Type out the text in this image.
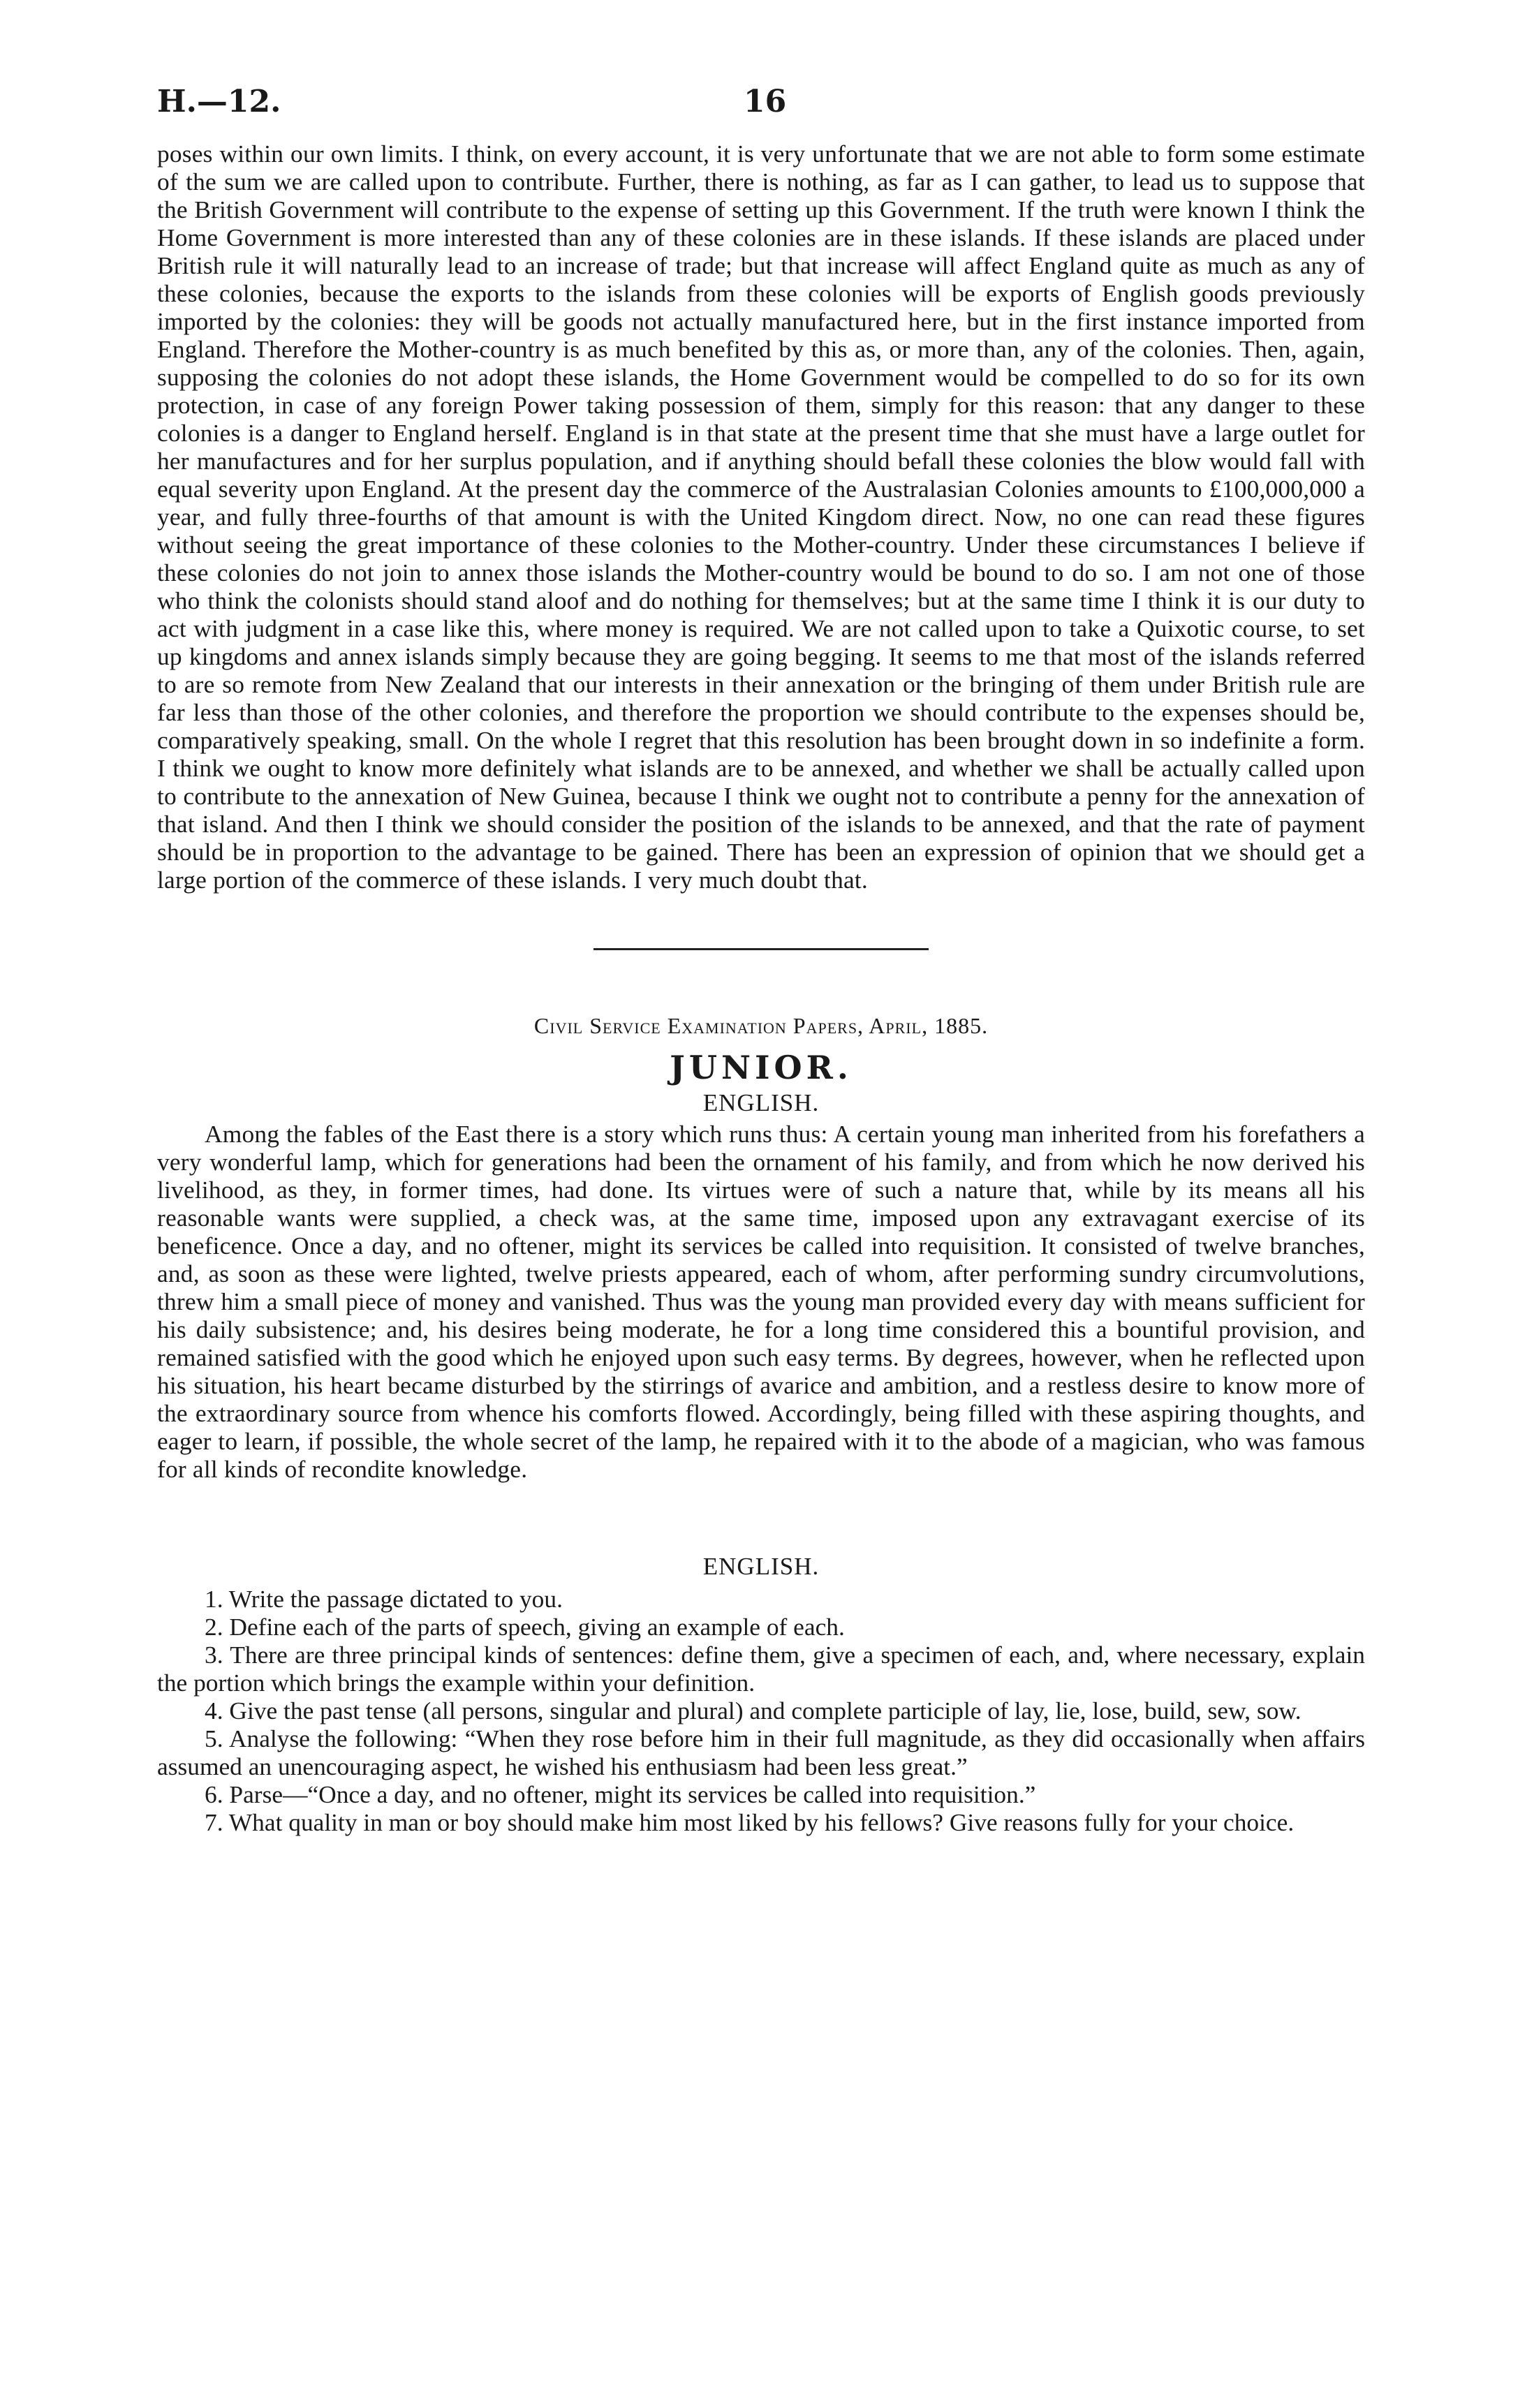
H.—12.	16

poses within our own limits. I think, on every account, it is very unfortunate that we are not able to form some estimate of the sum we are called upon to contribute. Further, there is nothing, as far as I can gather, to lead us to suppose that the British Government will contribute to the expense of setting up this Government. If the truth were known I think the Home Government is more interested than any of these colonies are in these islands. If these islands are placed under British rule it will naturally lead to an increase of trade; but that increase will affect England quite as much as any of these colonies, because the exports to the islands from these colonies will be exports of English goods previously imported by the colonies: they will be goods not actually manufactured here, but in the first instance imported from England. Therefore the Mother-country is as much benefited by this as, or more than, any of the colonies. Then, again, supposing the colonies do not adopt these islands, the Home Government would be compelled to do so for its own protection, in case of any foreign Power taking possession of them, simply for this reason: that any danger to these colonies is a danger to England herself. England is in that state at the present time that she must have a large outlet for her manufactures and for her surplus population, and if anything should befall these colonies the blow would fall with equal severity upon England. At the present day the commerce of the Australasian Colonies amounts to £100,000,000 a year, and fully three-fourths of that amount is with the United Kingdom direct. Now, no one can read these figures without seeing the great importance of these colonies to the Mother-country. Under these circumstances I believe if these colonies do not join to annex those islands the Mother-country would be bound to do so. I am not one of those who think the colonists should stand aloof and do nothing for themselves; but at the same time I think it is our duty to act with judgment in a case like this, where money is required. We are not called upon to take a Quixotic course, to set up kingdoms and annex islands simply because they are going begging. It seems to me that most of the islands referred to are so remote from New Zealand that our interests in their annexation or the bringing of them under British rule are far less than those of the other colonies, and therefore the proportion we should contribute to the expenses should be, comparatively speaking, small. On the whole I regret that this resolution has been brought down in so indefinite a form. I think we ought to know more definitely what islands are to be annexed, and whether we shall be actually called upon to contribute to the annexation of New Guinea, because I think we ought not to contribute a penny for the annexation of that island. And then I think we should consider the position of the islands to be annexed, and that the rate of payment should be in proportion to the advantage to be gained. There has been an expression of opinion that we should get a large portion of the commerce of these islands. I very much doubt that.

Civil Service Examination Papers, April, 1885.
JUNIOR.
ENGLISH.

Among the fables of the East there is a story which runs thus: A certain young man inherited from his forefathers a very wonderful lamp, which for generations had been the ornament of his family, and from which he now derived his livelihood, as they, in former times, had done. Its virtues were of such a nature that, while by its means all his reasonable wants were supplied, a check was, at the same time, imposed upon any extravagant exercise of its beneficence. Once a day, and no oftener, might its services be called into requisition. It consisted of twelve branches, and, as soon as these were lighted, twelve priests appeared, each of whom, after performing sundry circumvolutions, threw him a small piece of money and vanished. Thus was the young man provided every day with means sufficient for his daily subsistence; and, his desires being moderate, he for a long time considered this a bountiful provision, and remained satisfied with the good which he enjoyed upon such easy terms. By degrees, however, when he reflected upon his situation, his heart became disturbed by the stirrings of avarice and ambition, and a restless desire to know more of the extraordinary source from whence his comforts flowed. Accordingly, being filled with these aspiring thoughts, and eager to learn, if possible, the whole secret of the lamp, he repaired with it to the abode of a magician, who was famous for all kinds of recondite knowledge.

ENGLISH.
1. Write the passage dictated to you.
2. Define each of the parts of speech, giving an example of each.
3. There are three principal kinds of sentences: define them, give a specimen of each, and, where necessary, explain the portion which brings the example within your definition.
4. Give the past tense (all persons, singular and plural) and complete participle of lay, lie, lose, build, sew, sow.
5. Analyse the following: “When they rose before him in their full magnitude, as they did occasionally when affairs assumed an unencouraging aspect, he wished his enthusiasm had been less great.”
6. Parse—“Once a day, and no oftener, might its services be called into requisition.”
7. What quality in man or boy should make him most liked by his fellows? Give reasons fully for your choice.
